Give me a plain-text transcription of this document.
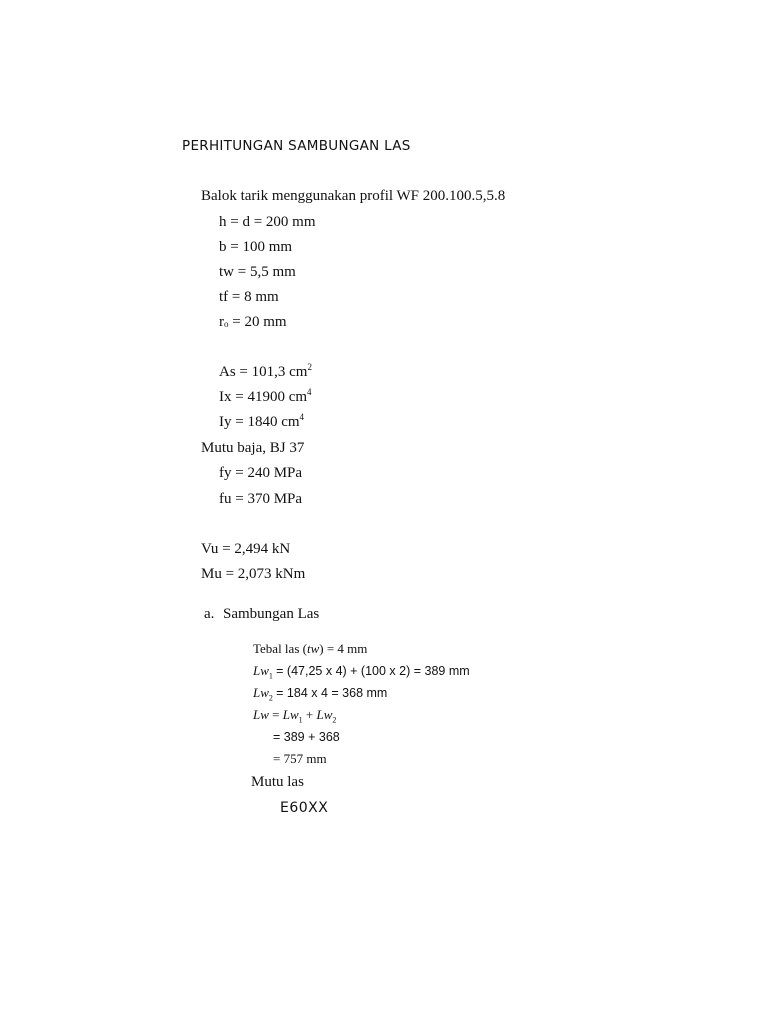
PERHITUNGAN SAMBUNGAN LAS
Balok tarik menggunakan profil WF 200.100.5,5.8
h = d = 200 mm
b = 100 mm
tw = 5,5 mm
tf = 8 mm
ro = 20 mm
As = 101,3 $cm^2$
Ix = 41900 $cm^4$
Iy = 1840 $cm^4$
Mutu baja, BJ 37
fy = 240 MPa
fu = 370 MPa
Vu = 2,494 kN
Mu = 2,073 kNm
a. Sambungan Las
Tebal las (tw) = 4 mm
$Lw_1 = (47,25$ x 4) + (100 x 2) = 389 mm
$Lw_2 = 184$ x 4 = 368 mm
$Lw = Lw_1 + Lw_2$
= 389 + 368
= 757 mm
Mutu las
E60XX
